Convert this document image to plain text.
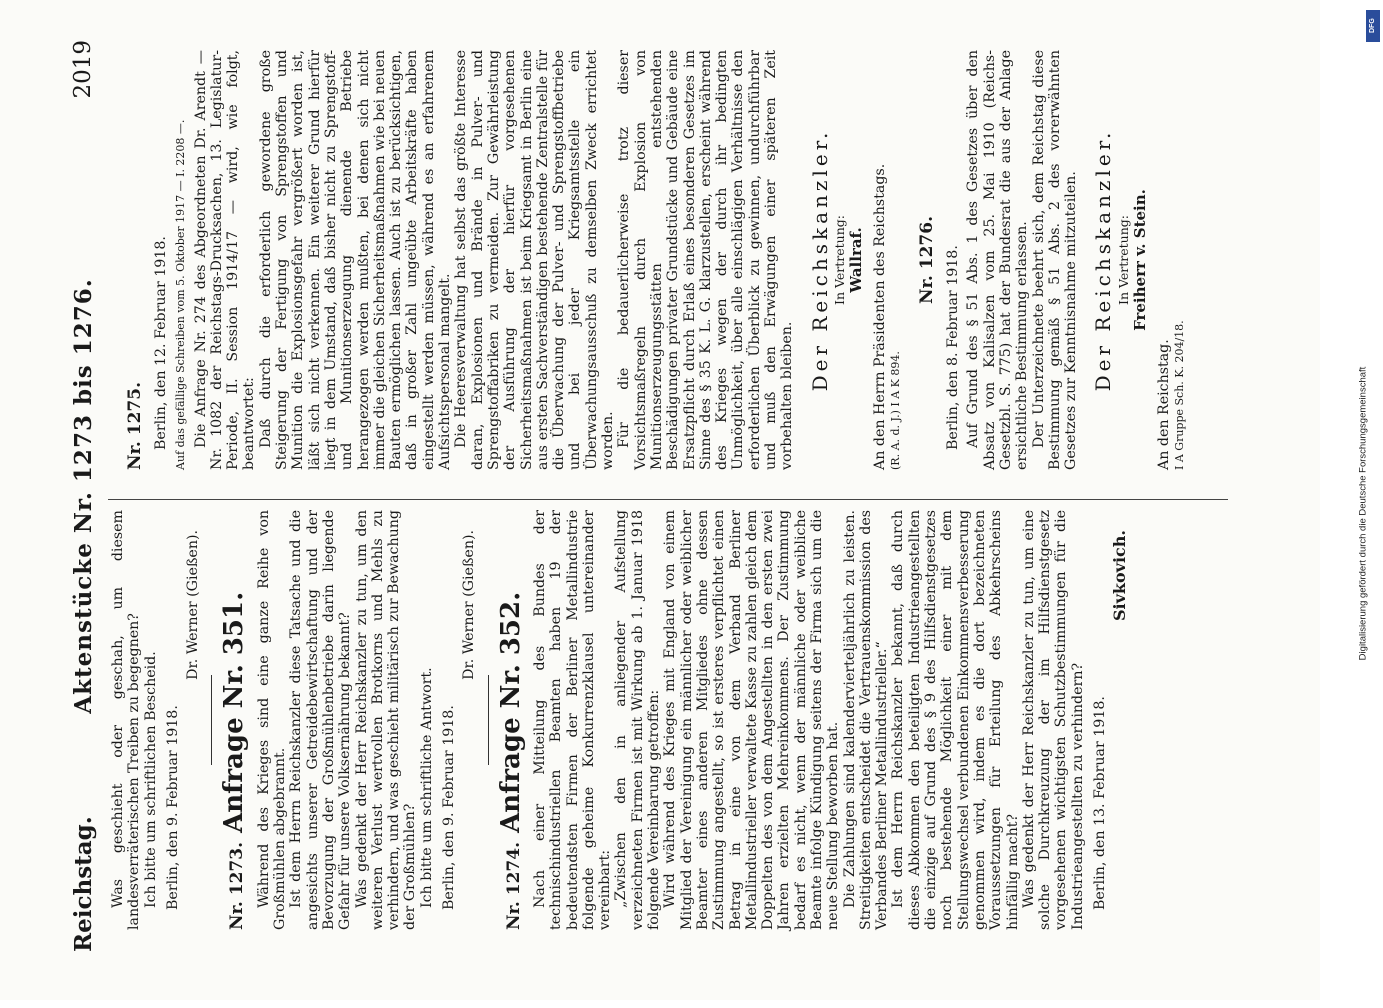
Reichstag.
Aktenstücke Nr. 1273 bis 1276.
2019

Was geschieht oder geschah, um diesem landesverräterischen Treiben zu begegnen? Ich bitte um schriftlichen Bescheid. Berlin, den 9. Februar 1918.
Dr. Werner (Gießen).
Nr. 1273. Anfrage Nr. 351. Während des Krieges sind eine ganze Reihe von Großmühlen abgebrannt. Ist dem Herrn Reichskanzler diese Tatsache und die angesichts unserer Getreidebewirtschaftung und der Bevorzugung der Großmühlenbetriebe darin liegende Gefahr für unsere Volksernährung bekannt? Was gedenkt der Herr Reichskanzler zu tun, um den weiteren Verlust wertvollen Brotkorns und Mehls zu verhindern, und was geschieht militärisch zur Bewachung der Großmühlen? Ich bitte um schriftliche Antwort. Berlin, den 9. Februar 1918.
Dr. Werner (Gießen).
Nr. 1274. Anfrage Nr. 352. Nach einer Mitteilung des Bundes der technischindustriellen Beamten haben 19 der bedeutendsten Firmen der Berliner Metallindustrie folgende geheime Konkurrenzklausel untereinander vereinbart: „Zwischen den in anliegender Aufstellung verzeichneten Firmen ist mit Wirkung ab 1. Januar 1918 folgende Vereinbarung getroffen: Wird während des Krieges mit England von einem Mitglied der Vereinigung ein männlicher oder weiblicher Beamter eines anderen Mitgliedes ohne dessen Zustimmung angestellt, so ist ersteres verpflichtet einen Betrag in eine von dem Verband Berliner Metallindustrieller verwaltete Kasse zu zahlen gleich dem Doppelten des von dem Angestellten in den ersten zwei Jahren erzielten Mehreinkommens. Der Zustimmung bedarf es nicht, wenn der männliche oder weibliche Beamte infolge Kündigung seitens der Firma sich um die neue Stellung beworben hat. Die Zahlungen sind kalendervierteljährlich zu leisten. Streitigkeiten entscheidet die Vertrauenskommission des Verbandes Berliner Metallindustrieller.“ Ist dem Herrn Reichskanzler bekannt, daß durch dieses Abkommen den beteiligten Industrieangestellten die einzige auf Grund des § 9 des Hilfsdienstgesetzes noch bestehende Möglichkeit einer mit dem Stellungswechsel verbundenen Einkommensverbesserung genommen wird, indem es die dort bezeichneten Voraussetzungen für Erteilung des Abkehrscheins hinfällig macht? Was gedenkt der Herr Reichskanzler zu tun, um eine solche Durchkreuzung der im Hilfsdienstgesetz vorgesehenen wichtigsten Schutzbestimmungen für die Industrieangestellten zu verhindern? Berlin, den 13. Februar 1918.
Sivkovich.
Nr. 1275. Berlin, den 12. Februar 1918. Auf das gefällige Schreiben vom 5. Oktober 1917 — I. 2208 —. Die Anfrage Nr. 274 des Abgeordneten Dr. Arendt — Nr. 1082 der Reichstags-Drucksachen, 13. Legislatur-Periode, II. Session 1914/17 — wird, wie folgt, beantwortet: Daß durch die erforderlich gewordene große Steigerung der Fertigung von Sprengstoffen und Munition die Explosionsgefahr vergrößert worden ist, läßt sich nicht verkennen. Ein weiterer Grund hierfür liegt in dem Umstand, daß bisher nicht zu Sprengstoff- und Munitionserzeugung dienende Betriebe herangezogen werden mußten, bei denen sich nicht immer die gleichen Sicherheitsmaßnahmen wie bei neuen Bauten ermöglichen lassen. Auch ist zu berücksichtigen, daß in großer Zahl ungeübte Arbeitskräfte haben eingestellt werden müssen, während es an erfahrenem Aufsichtspersonal mangelt. Die Heeresverwaltung hat selbst das größte Interesse daran, Explosionen und Brände in Pulver- und Sprengstoffabriken zu vermeiden. Zur Gewährleistung der Ausführung der hierfür vorgesehenen Sicherheitsmaßnahmen ist beim Kriegsamt in Berlin eine aus ersten Sachverständigen bestehende Zentralstelle für die Überwachung der Pulver- und Sprengstoffbetriebe und bei jeder Kriegsamtsstelle ein Überwachungsausschuß zu demselben Zweck errichtet worden. Für die bedauerlicherweise trotz dieser Vorsichtsmaßregeln durch Explosion von Munitionserzeugungsstätten entstehenden Beschädigungen privater Grundstücke und Gebäude eine Ersatzpflicht durch Erlaß eines besonderen Gesetzes im Sinne des § 35 K. L. G. klarzustellen, erscheint während des Krieges wegen der durch ihr bedingten Unmöglichkeit, über alle einschlägigen Verhältnisse den erforderlichen Überblick zu gewinnen, undurchführbar und muß den Erwägungen einer späteren Zeit vorbehalten bleiben.

Der Reichskanzler. In Vertretung: Wallraf. An den Herrn Präsidenten des Reichstags. (R. A. d. J.) I A K 894.

Nr. 1276. Berlin, den 8. Februar 1918. Auf Grund des § 51 Abs. 1 des Gesetzes über den Absatz von Kalisalzen vom 25. Mai 1910 (Reichs-Gesetzbl. S. 775) hat der Bundesrat die aus der Anlage ersichtliche Bestimmung erlassen. Der Unterzeichnete beehrt sich, dem Reichstag diese Bestimmung gemäß § 51 Abs. 2 des vorerwähnten Gesetzes zur Kenntnisnahme mitzuteilen. Der Reichskanzler. In Vertretung: Freiherr v. Stein.

An den Reichstag. I A Gruppe Sch. K. 204/18.	Digitalisierung gefördert durch die Deutsche Forschungsgemeinschaft
DFG
